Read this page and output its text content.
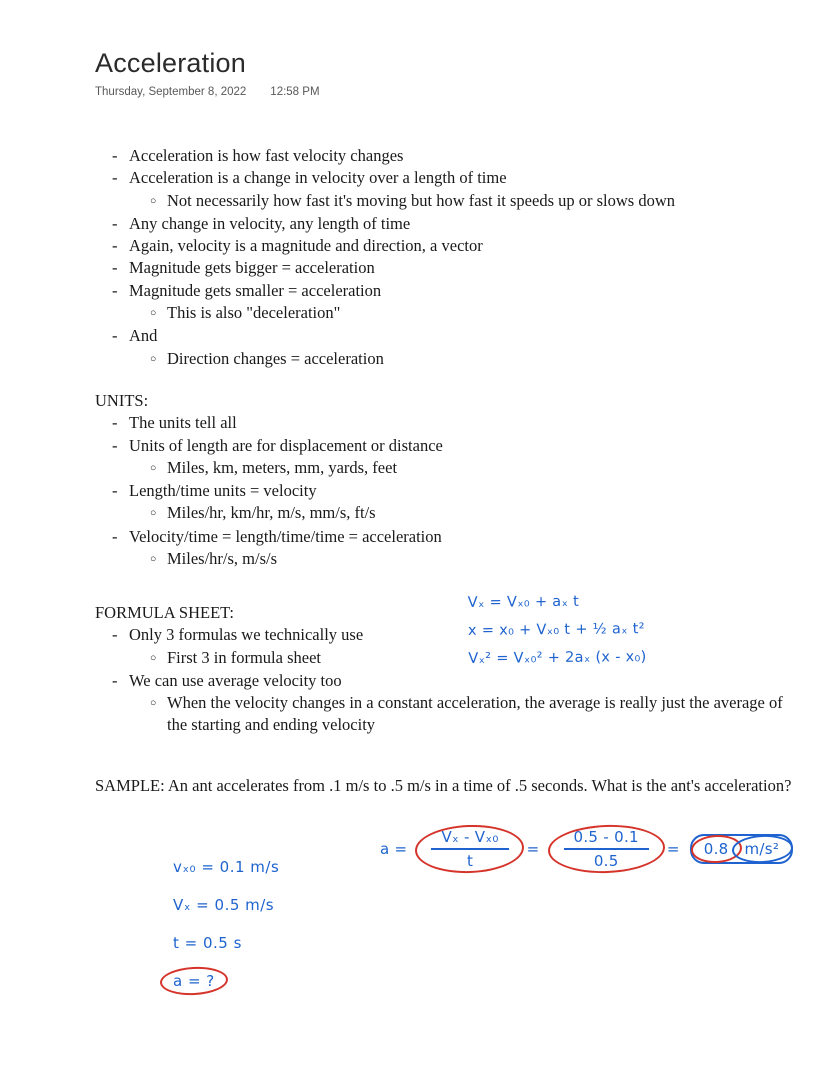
Acceleration
Thursday, September 8, 2022 12:58 PM
-
Acceleration is how fast velocity changes
-
Acceleration is a change in velocity over a length of time
○
Not necessarily how fast it's moving but how fast it speeds up or slows down
-
Any change in velocity, any length of time
-
Again, velocity is a magnitude and direction, a vector
-
Magnitude gets bigger = acceleration
-
Magnitude gets smaller = acceleration
○
This is also "deceleration"
-
And
○
Direction changes = acceleration
UNITS:
-
The units tell all
-
Units of length are for displacement or distance
○
Miles, km, meters, mm, yards, feet
-
Length/time units = velocity
○
Miles/hr, km/hr, m/s, mm/s, ft/s
-
Velocity/time = length/time/time = acceleration
○
Miles/hr/s, m/s/s
FORMULA SHEET:
-
Only 3 formulas we technically use
○
First 3 in formula sheet
-
We can use average velocity too
○
When the velocity changes in a constant acceleration, the average is really just the average of the starting and ending velocity
Vₓ = Vₓ₀ + aₓ t
x = x₀ + Vₓ₀ t + ½ aₓ t²
Vₓ² = Vₓ₀² + 2aₓ (x - x₀)
SAMPLE: An ant accelerates from .1 m/s to .5 m/s in a time of .5 seconds. What is the ant's acceleration?
vₓ₀ = 0.1 m/s
Vₓ = 0.5 m/s
t = 0.5 s
a = ?
a =
Vₓ - Vₓ₀
t
=
0.5 - 0.1
0.5
= 0.8 m/s²
